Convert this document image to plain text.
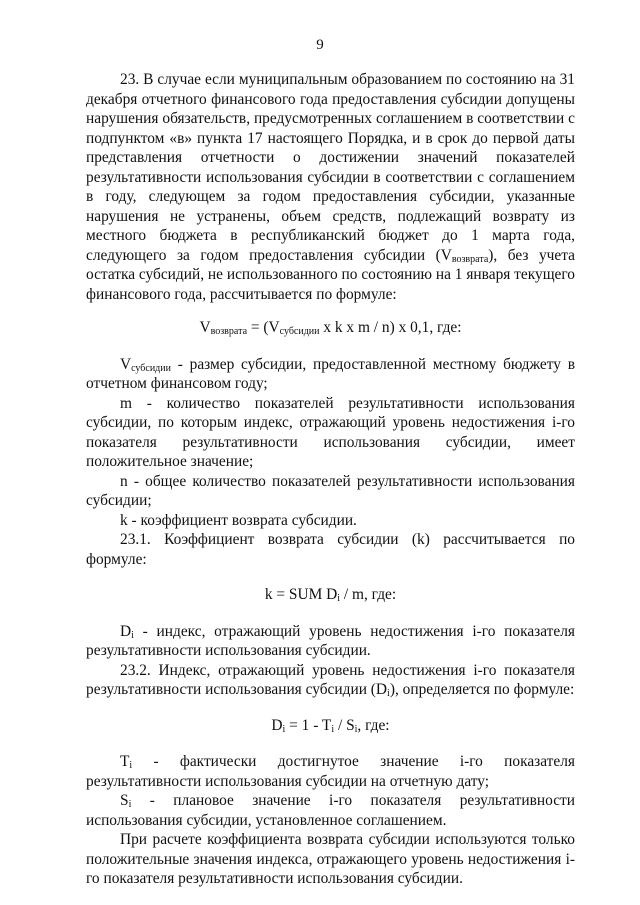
9

23. В случае если муниципальным образованием по состоянию на 31 декабря отчетного финансового года предоставления субсидии допущены нарушения обязательств, предусмотренных соглашением в соответствии с подпунктом «в» пункта 17 настоящего Порядка, и в срок до первой даты представления отчетности о достижении значений показателей результативности использования субсидии в соответствии с соглашением в году, следующем за годом предоставления субсидии, указанные нарушения не устранены, объем средств, подлежащий возврату из местного бюджета в республиканский бюджет до 1 марта года, следующего за годом предоставления субсидии $(V_{возврата})$, без учета остатка субсидий, не использованного по состоянию на 1 января текущего финансового года, рассчитывается по формуле:

$V_{возврата} = (V_{субсидии}$ x k x m / n) x 0,1, где:

$V_{субсидии}$ - размер субсидии, предоставленной местному бюджету в отчетном финансовом году;

m - количество показателей результативности использования субсидии, по которым индекс, отражающий уровень недостижения i-го показателя результативности использования субсидии, имеет положительное значение;

n - общее количество показателей результативности использования субсидии;

k - коэффициент возврата субсидии.

23.1. Коэффициент возврата субсидии (k) рассчитывается по формуле:

k = SUM $D_i$ / m, где:

$D_i$ - индекс, отражающий уровень недостижения i-го показателя результативности использования субсидии.

23.2. Индекс, отражающий уровень недостижения i-го показателя результативности использования субсидии $(D_i)$, определяется по формуле:

$D_i = 1 - T_i / S_i$, где:

$T_i$ - фактически достигнутое значение i-го показателя результативности использования субсидии на отчетную дату;

$S_i$ - плановое значение i-го показателя результативности использования субсидии, установленное соглашением.

При расчете коэффициента возврата субсидии используются только положительные значения индекса, отражающего уровень недостижения i-го показателя результативности использования субсидии.
